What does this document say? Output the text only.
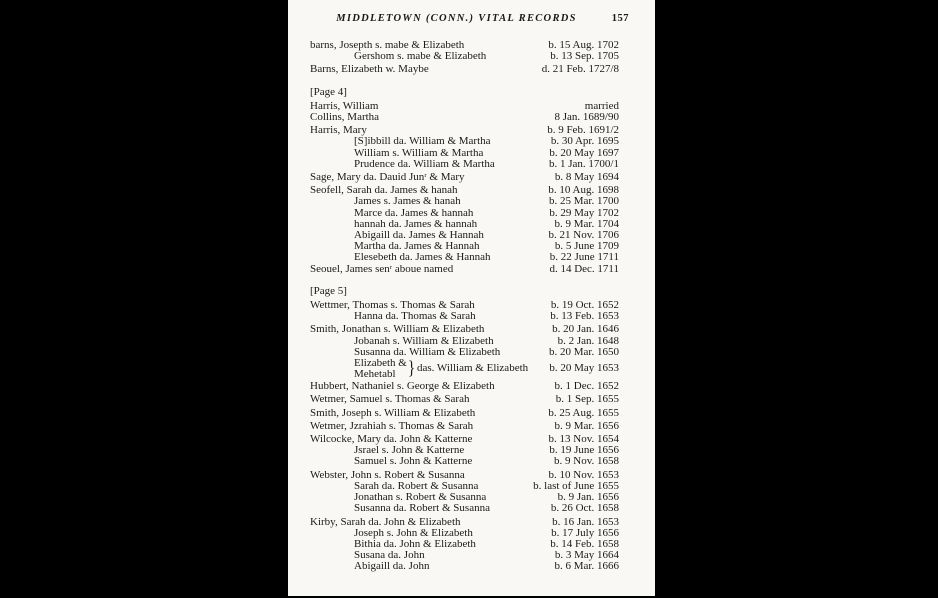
MIDDLETOWN (CONN.) VITAL RECORDS	157
barns, Josepth s. mabe & Elizabeth	b. 15 Aug. 1702
Gershom s. mabe & Elizabeth	b. 13 Sep. 1705
Barns, Elizabeth w. Maybe	d. 21 Feb. 1727/8
[Page 4]
Harris, William	married
Collins, Martha	8 Jan. 1689/90
Harris, Mary	b. 9 Feb. 1691/2
[S]ibbill da. William & Martha	b. 30 Apr. 1695
William s. William & Martha	b. 20 May 1697
Prudence da. William & Martha	b. 1 Jan. 1700/1
Sage, Mary da. Dauid Junʳ & Mary	b. 8 May 1694
Seofell, Sarah da. James & hanah	b. 10 Aug. 1698
James s. James & hanah	b. 25 Mar. 1700
Marce da. James & hannah	b. 29 May 1702
hannah da. James & hannah	b. 9 Mar. 1704
Abigaill da. James & Hannah	b. 21 Nov. 1706
Martha da. James & Hannah	b. 5 June 1709
Elesebeth da. James & Hannah	b. 22 June 1711
Seouel, James senʳ aboue named	d. 14 Dec. 1711
[Page 5]
Wettmer, Thomas s. Thomas & Sarah	b. 19 Oct. 1652
Hanna da. Thomas & Sarah	b. 13 Feb. 1653
Smith, Jonathan s. William & Elizabeth	b. 20 Jan. 1646
Jobanah s. William & Elizabeth	b. 2 Jan. 1648
Susanna da. William & Elizabeth	b. 20 Mar. 1650
Elizabeth &
Mehetabl } das. William & Elizabeth	b. 20 May 1653
Hubbert, Nathaniel s. George & Elizabeth	b. 1 Dec. 1652
Wetmer, Samuel s. Thomas & Sarah	b. 1 Sep. 1655
Smith, Joseph s. William & Elizabeth	b. 25 Aug. 1655
Wetmer, Jzrahiah s. Thomas & Sarah	b. 9 Mar. 1656
Wilcocke, Mary da. John & Katterne	b. 13 Nov. 1654
Jsrael s. John & Katterne	b. 19 June 1656
Samuel s. John & Katterne	b. 9 Nov. 1658
Webster, John s. Robert & Susanna	b. 10 Nov. 1653
Sarah da. Robert & Susanna	b. last of June 1655
Jonathan s. Robert & Susanna	b. 9 Jan. 1656
Susanna da. Robert & Susanna	b. 26 Oct. 1658
Kirby, Sarah da. John & Elizabeth	b. 16 Jan. 1653
Joseph s. John & Elizabeth	b. 17 July 1656
Bithia da. John & Elizabeth	b. 14 Feb. 1658
Susana da. John	b. 3 May 1664
Abigaill da. John	b. 6 Mar. 1666
